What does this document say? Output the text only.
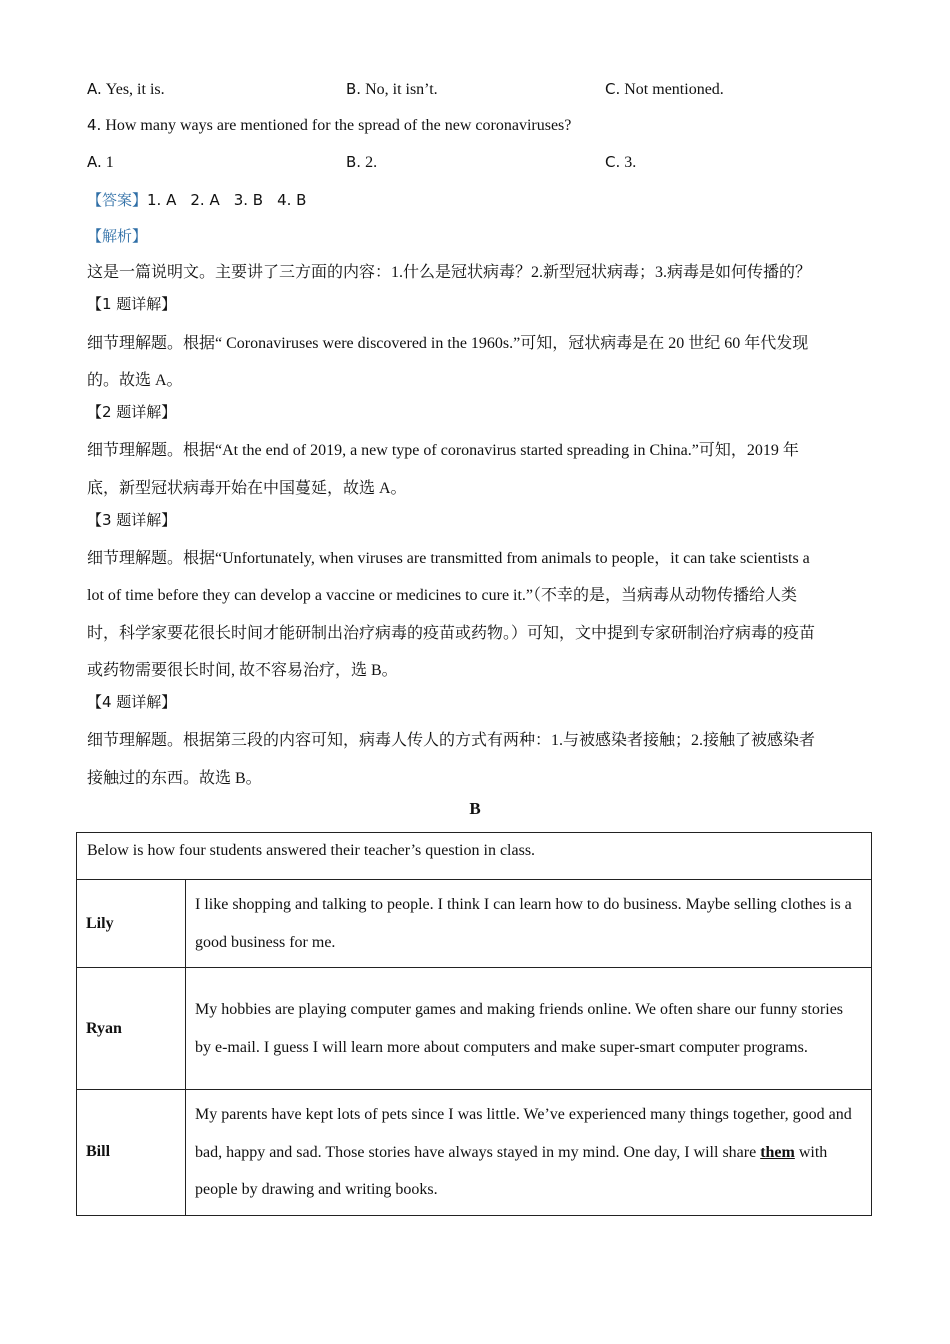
A. Yes, it is.	B. No, it isn’t.	C. Not mentioned.
4. How many ways are mentioned for the spread of the new coronaviruses?
A. 1	B. 2.	C. 3.
【答案】1. A 2. A 3. B 4. B
【解析】
这是一篇说明文。主要讲了三方面的内容：1.什么是冠状病毒？2.新型冠状病毒；3.病毒是如何传播的？
【1 题详解】
细节理解题。根据“ Coronaviruses were discovered in the 1960s.”可知，冠状病毒是在 20 世纪 60 年代发现
的。故选 A。
【2 题详解】
细节理解题。根据“At the end of 2019, a new type of coronavirus started spreading in China.”可知，2019 年
底，新型冠状病毒开始在中国蔓延，故选 A。
【3 题详解】
细节理解题。根据“Unfortunately, when viruses are transmitted from animals to people，it can take scientists a
lot of time before they can develop a vaccine or medicines to cure it.”（不幸的是，当病毒从动物传播给人类
时，科学家要花很长时间才能研制出治疗病毒的疫苗或药物。）可知，文中提到专家研制治疗病毒的疫苗
或药物需要很长时间, 故不容易治疗，选 B。
【4 题详解】
细节理解题。根据第三段的内容可知，病毒人传人的方式有两种：1.与被感染者接触；2.接触了被感染者
接触过的东西。故选 B。
B
Below is how four students answered their teacher’s question in class.	
Lily	I like shopping and talking to people. I think I can learn how to do business. Maybe selling clothes is a good business for me.
Ryan	My hobbies are playing computer games and making friends online. We often share our funny stories by e-mail. I guess I will learn more about computers and make super-smart computer programs.
Bill	My parents have kept lots of pets since I was little. We’ve experienced many things together, good and bad, happy and sad. Those stories have always stayed in my mind. One day, I will share them with people by drawing and writing books.
